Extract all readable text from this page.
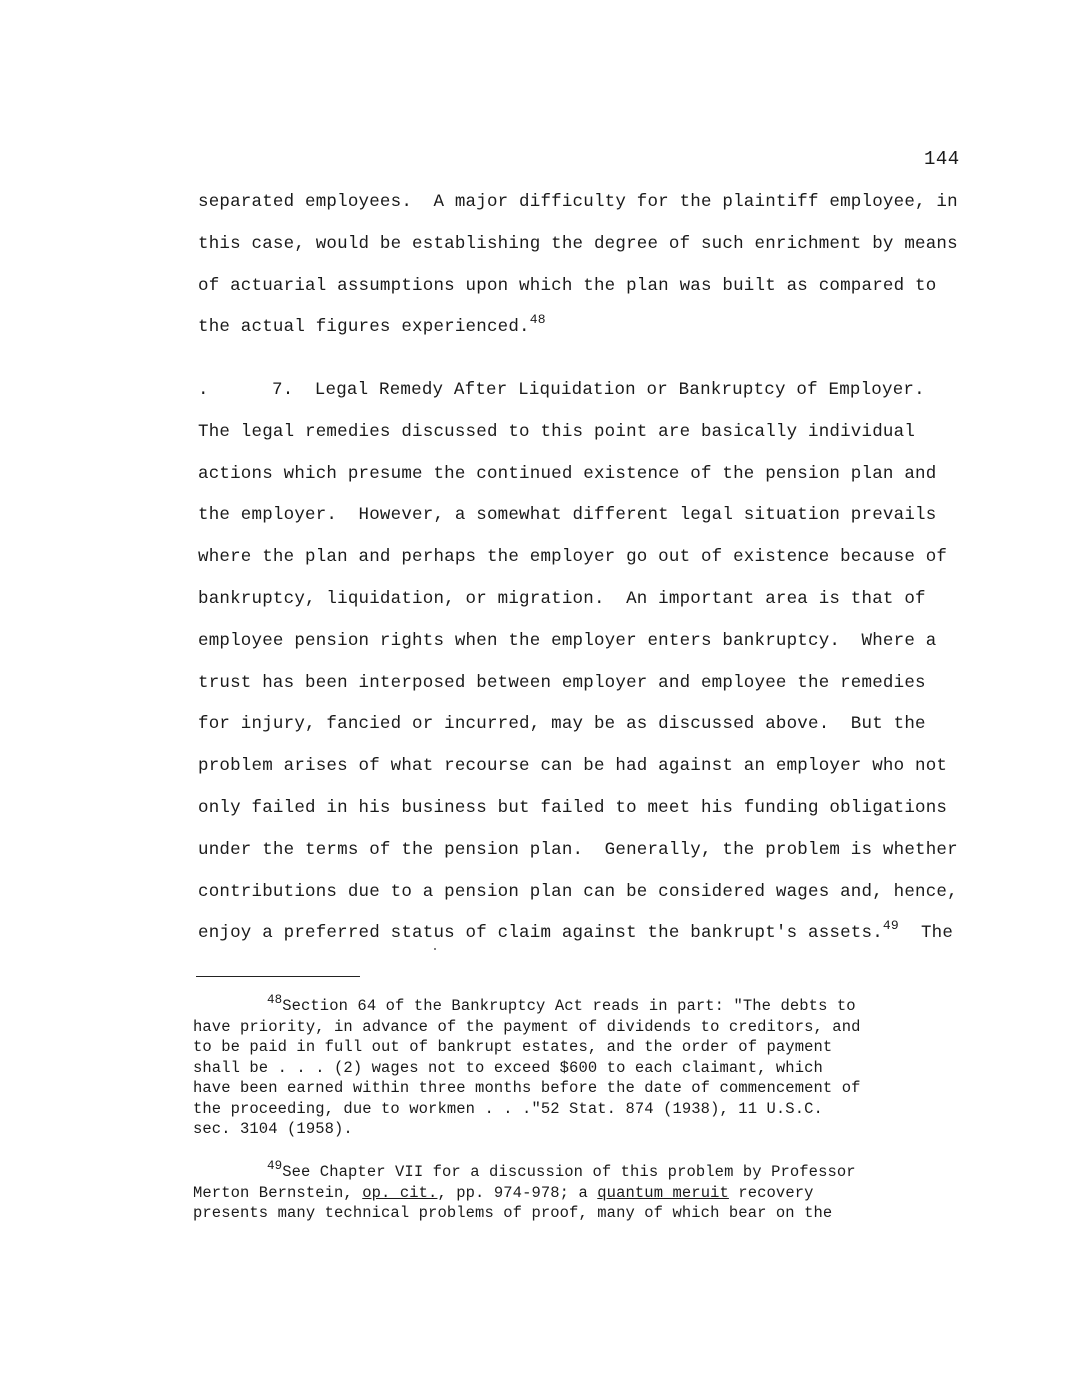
144
separated employees.  A major difficulty for the plaintiff employee, in
this case, would be establishing the degree of such enrichment by means
of actuarial assumptions upon which the plan was built as compared to
the actual figures experienced.$^{48}$
.	7.  Legal Remedy After Liquidation or Bankruptcy of Employer.
The legal remedies discussed to this point are basically individual
actions which presume the continued existence of the pension plan and
the employer.  However, a somewhat different legal situation prevails
where the plan and perhaps the employer go out of existence because of
bankruptcy, liquidation, or migration.  An important area is that of
employee pension rights when the employer enters bankruptcy.  Where a
trust has been interposed between employer and employee the remedies
for injury, fancied or incurred, may be as discussed above.  But the
problem arises of what recourse can be had against an employer who not
only failed in his business but failed to meet his funding obligations
under the terms of the pension plan.  Generally, the problem is whether
contributions due to a pension plan can be considered wages and, hence,
enjoy a preferred status of claim against the bankrupt's assets.$^{49}$ The
$^{48}$Section 64 of the Bankruptcy Act reads in part: "The debts to
have priority, in advance of the payment of dividends to creditors, and
to be paid in full out of bankrupt estates, and the order of payment
shall be . . . (2) wages not to exceed $600 to each claimant, which
have been earned within three months before the date of commencement of
the proceeding, due to workmen . . ."52 Stat. 874 (1938), 11 U.S.C.
sec. 3104 (1958).
$^{49}$See Chapter VII for a discussion of this problem by Professor
Merton Bernstein, op. cit., pp. 974-978; a quantum meruit recovery
presents many technical problems of proof, many of which bear on the
